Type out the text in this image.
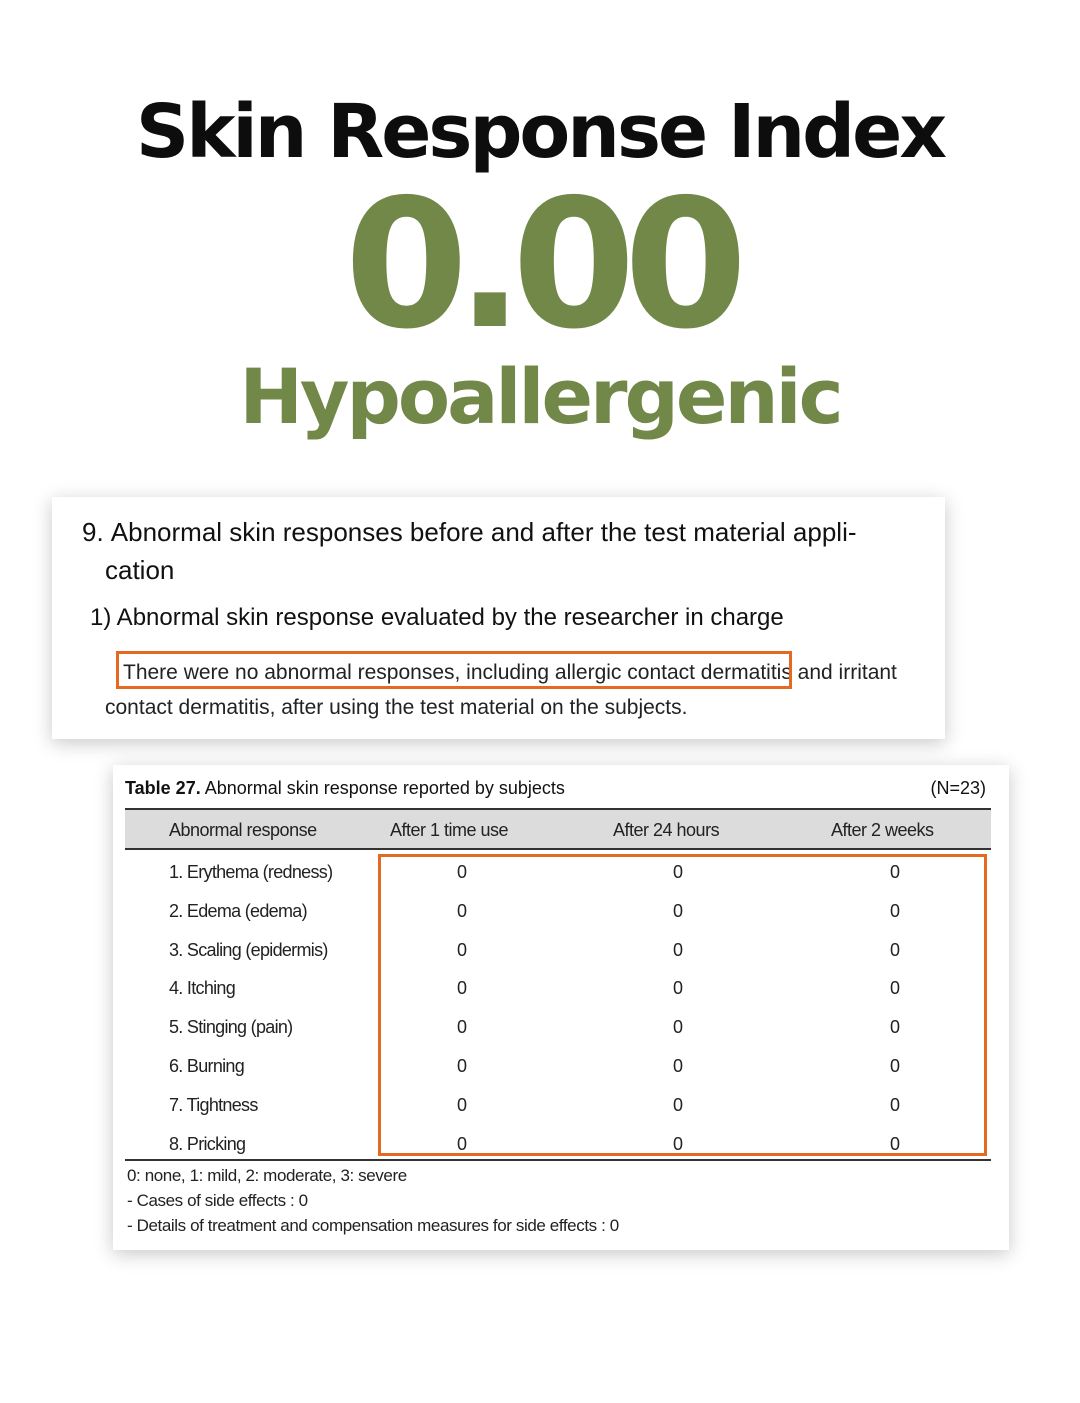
Skin Response Index
0.00
Hypoallergenic
9. Abnormal skin responses before and after the test material appli-
cation
1) Abnormal skin response evaluated by the researcher in charge
There were no abnormal responses, including allergic contact dermatitis and irritant
contact dermatitis, after using the test material on the subjects.
Table 27. Abnormal skin response reported by subjects	(N=23)
Abnormal response	After 1 time use	After 24 hours	After 2 weeks
1. Erythema (redness)	0	0	0
2. Edema (edema)	0	0	0
3. Scaling (epidermis)	0	0	0
4. Itching	0	0	0
5. Stinging (pain)	0	0	0
6. Burning	0	0	0
7. Tightness	0	0	0
8. Pricking	0	0	0
0: none, 1: mild, 2: moderate, 3: severe
- Cases of side effects : 0
- Details of treatment and compensation measures for side effects : 0
